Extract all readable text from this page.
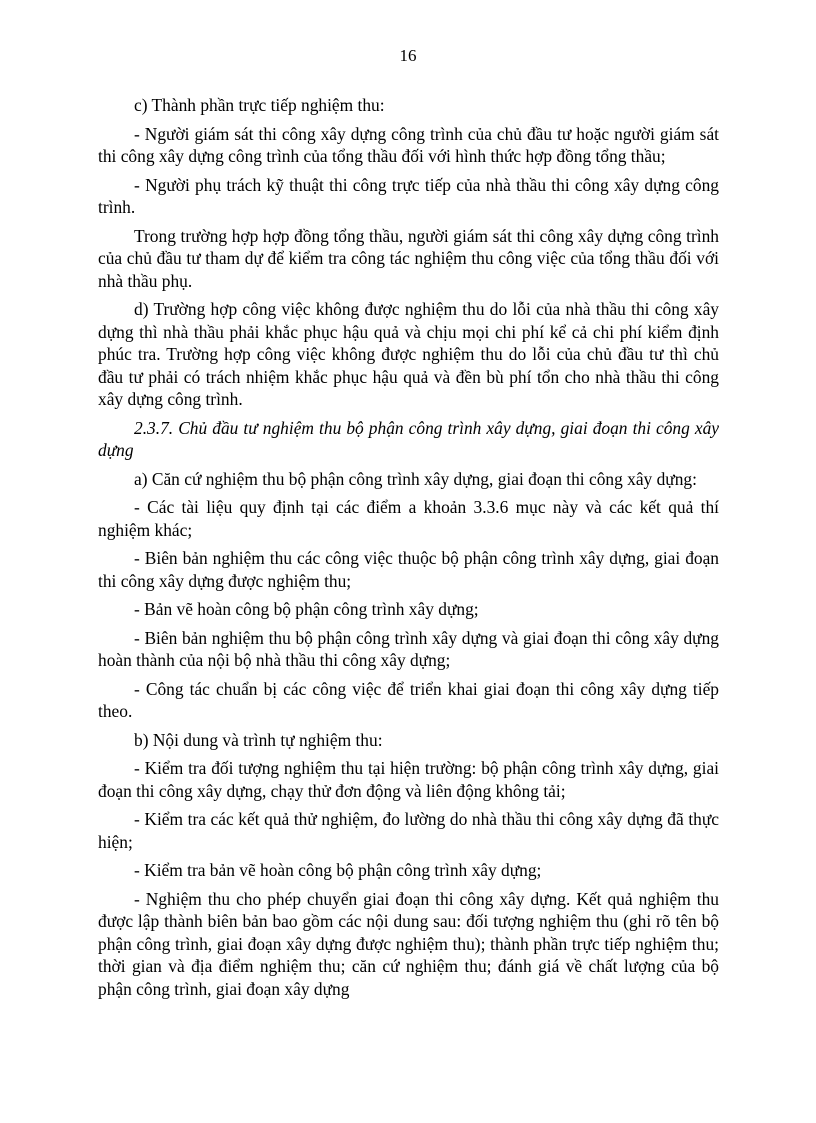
16

c) Thành phần trực tiếp nghiệm thu:

- Người giám sát thi công xây dựng công trình của chủ đầu tư hoặc người giám sát thi công xây dựng công trình của tổng thầu đối với hình thức hợp đồng tổng thầu;

- Người phụ trách kỹ thuật thi công trực tiếp của nhà thầu thi công xây dựng công trình.

Trong trường hợp hợp đồng tổng thầu, người giám sát thi công xây dựng công trình của chủ đầu tư tham dự để kiểm tra công tác nghiệm thu công việc của tổng thầu đối với nhà thầu phụ.

d) Trường hợp công việc không được nghiệm thu do lỗi của nhà thầu thi công xây dựng thì nhà thầu phải khắc phục hậu quả và chịu mọi chi phí kể cả chi phí kiểm định phúc tra. Trường hợp công việc không được nghiệm thu do lỗi của chủ đầu tư thì chủ đầu tư phải có trách nhiệm khắc phục hậu quả và đền bù phí tổn cho nhà thầu thi công xây dựng công trình.

2.3.7. Chủ đầu tư nghiệm thu bộ phận công trình xây dựng, giai đoạn thi công xây dựng

a) Căn cứ nghiệm thu bộ phận công trình xây dựng, giai đoạn thi công xây dựng:

- Các tài liệu quy định tại các điểm a khoản 3.3.6 mục này và các kết quả thí nghiệm khác;

- Biên bản nghiệm thu các công việc thuộc bộ phận công trình xây dựng, giai đoạn thi công xây dựng được nghiệm thu;

- Bản vẽ hoàn công bộ phận công trình xây dựng;

- Biên bản nghiệm thu bộ phận công trình xây dựng và giai đoạn thi công xây dựng hoàn thành của nội bộ nhà thầu thi công xây dựng;

- Công tác chuẩn bị các công việc để triển khai giai đoạn thi công xây dựng tiếp theo.

b) Nội dung và trình tự nghiệm thu:

- Kiểm tra đối tượng nghiệm thu tại hiện trường: bộ phận công trình xây dựng, giai đoạn thi công xây dựng, chạy thử đơn động và liên động không tải;

- Kiểm tra các kết quả thử nghiệm, đo lường do nhà thầu thi công xây dựng đã thực hiện;

- Kiểm tra bản vẽ hoàn công bộ phận công trình xây dựng;

- Nghiệm thu cho phép chuyển giai đoạn thi công xây dựng. Kết quả nghiệm thu được lập thành biên bản bao gồm các nội dung sau: đối tượng nghiệm thu (ghi rõ tên bộ phận công trình, giai đoạn xây dựng được nghiệm thu); thành phần trực tiếp nghiệm thu; thời gian và địa điểm nghiệm thu; căn cứ nghiệm thu; đánh giá về chất lượng của bộ phận công trình, giai đoạn xây dựng
